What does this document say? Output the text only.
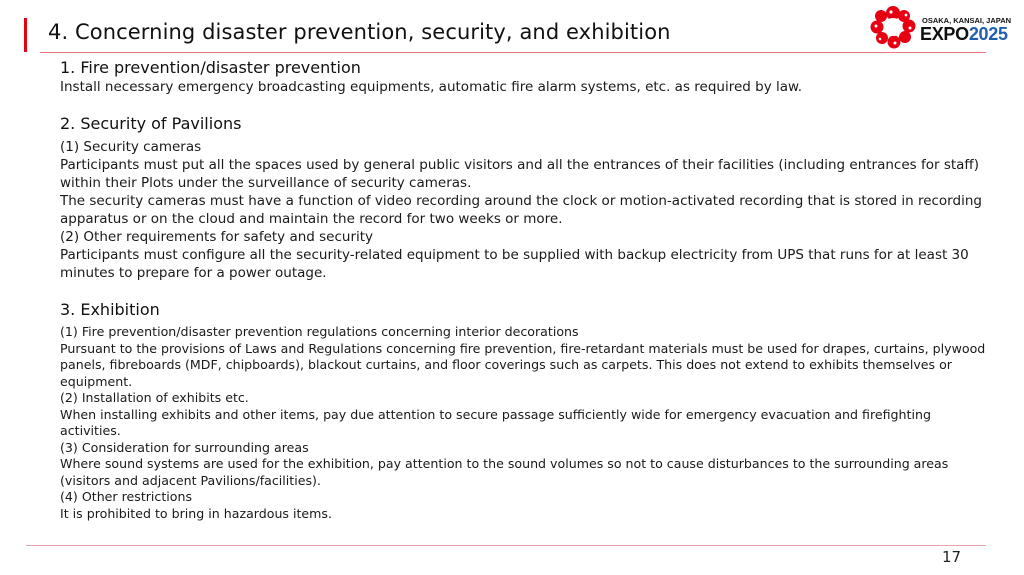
4. Concerning disaster prevention, security, and exhibition	OSAKA, KANSAI, JAPAN
EXPO2025

1. Fire prevention/disaster prevention

Install necessary emergency broadcasting equipments, automatic fire alarm systems, etc. as required by law.

2. Security of Pavilions

(1) Security cameras

Participants must put all the spaces used by general public visitors and all the entrances of their facilities (including entrances for staff) within their Plots under the surveillance of security cameras.

The security cameras must have a function of video recording around the clock or motion-activated recording that is stored in recording apparatus or on the cloud and maintain the record for two weeks or more.

(2) Other requirements for safety and security

Participants must configure all the security-related equipment to be supplied with backup electricity from UPS that runs for at least 30 minutes to prepare for a power outage.

3. Exhibition

(1) Fire prevention/disaster prevention regulations concerning interior decorations

Pursuant to the provisions of Laws and Regulations concerning fire prevention, fire-retardant materials must be used for drapes, curtains, plywood panels, fibreboards (MDF, chipboards), blackout curtains, and floor coverings such as carpets. This does not extend to exhibits themselves or equipment.

(2) Installation of exhibits etc.

When installing exhibits and other items, pay due attention to secure passage sufficiently wide for emergency evacuation and firefighting activities.

(3) Consideration for surrounding areas

Where sound systems are used for the exhibition, pay attention to the sound volumes so not to cause disturbances to the surrounding areas (visitors and adjacent Pavilions/facilities).

(4) Other restrictions

It is prohibited to bring in hazardous items.

17
